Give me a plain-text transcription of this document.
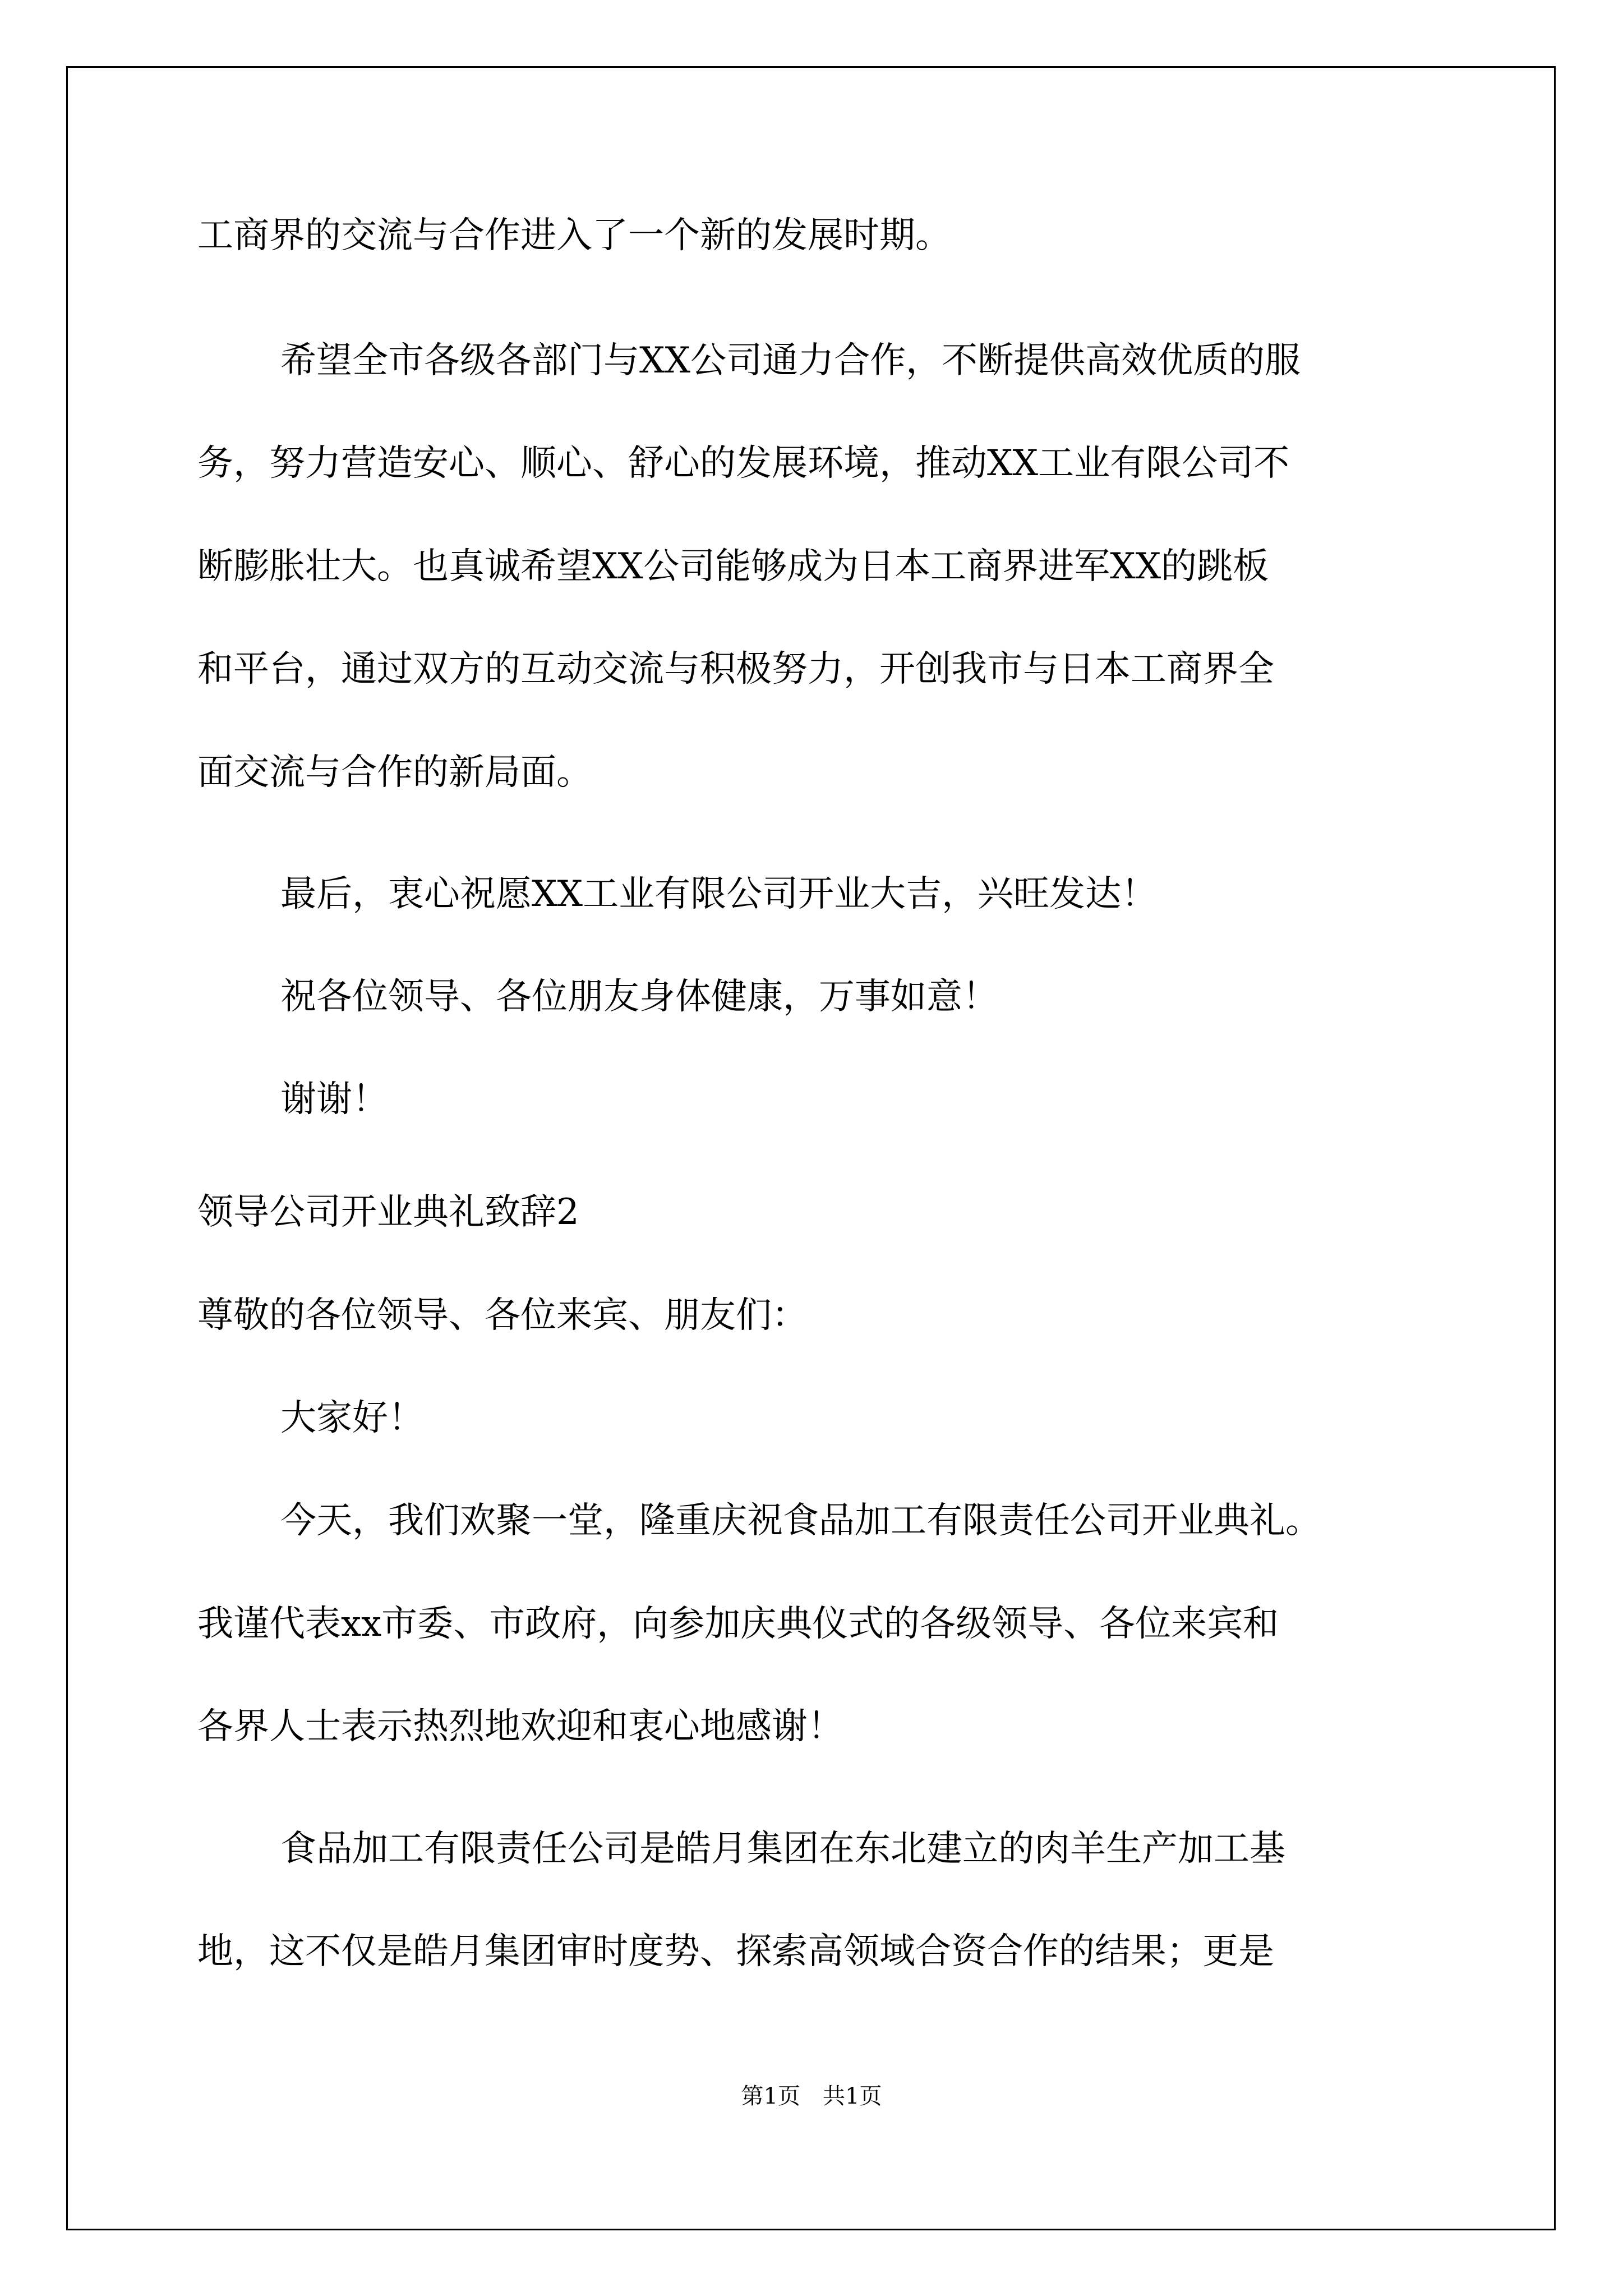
工商界的交流与合作进入了一个新的发展时期。
希望全市各级各部门与XX公司通力合作，不断提供高效优质的服
务，努力营造安心、顺心、舒心的发展环境，推动XX工业有限公司不
断膨胀壮大。也真诚希望XX公司能够成为日本工商界进军XX的跳板
和平台，通过双方的互动交流与积极努力，开创我市与日本工商界全
面交流与合作的新局面。
最后，衷心祝愿XX工业有限公司开业大吉，兴旺发达！
祝各位领导、各位朋友身体健康，万事如意！
谢谢！
领导公司开业典礼致辞2
尊敬的各位领导、各位来宾、朋友们：
大家好！
今天，我们欢聚一堂，隆重庆祝食品加工有限责任公司开业典礼。
我谨代表xx市委、市政府，向参加庆典仪式的各级领导、各位来宾和
各界人士表示热烈地欢迎和衷心地感谢！
食品加工有限责任公司是皓月集团在东北建立的肉羊生产加工基
地，这不仅是皓月集团审时度势、探索高领域合资合作的结果；更是
第1页　共1页
